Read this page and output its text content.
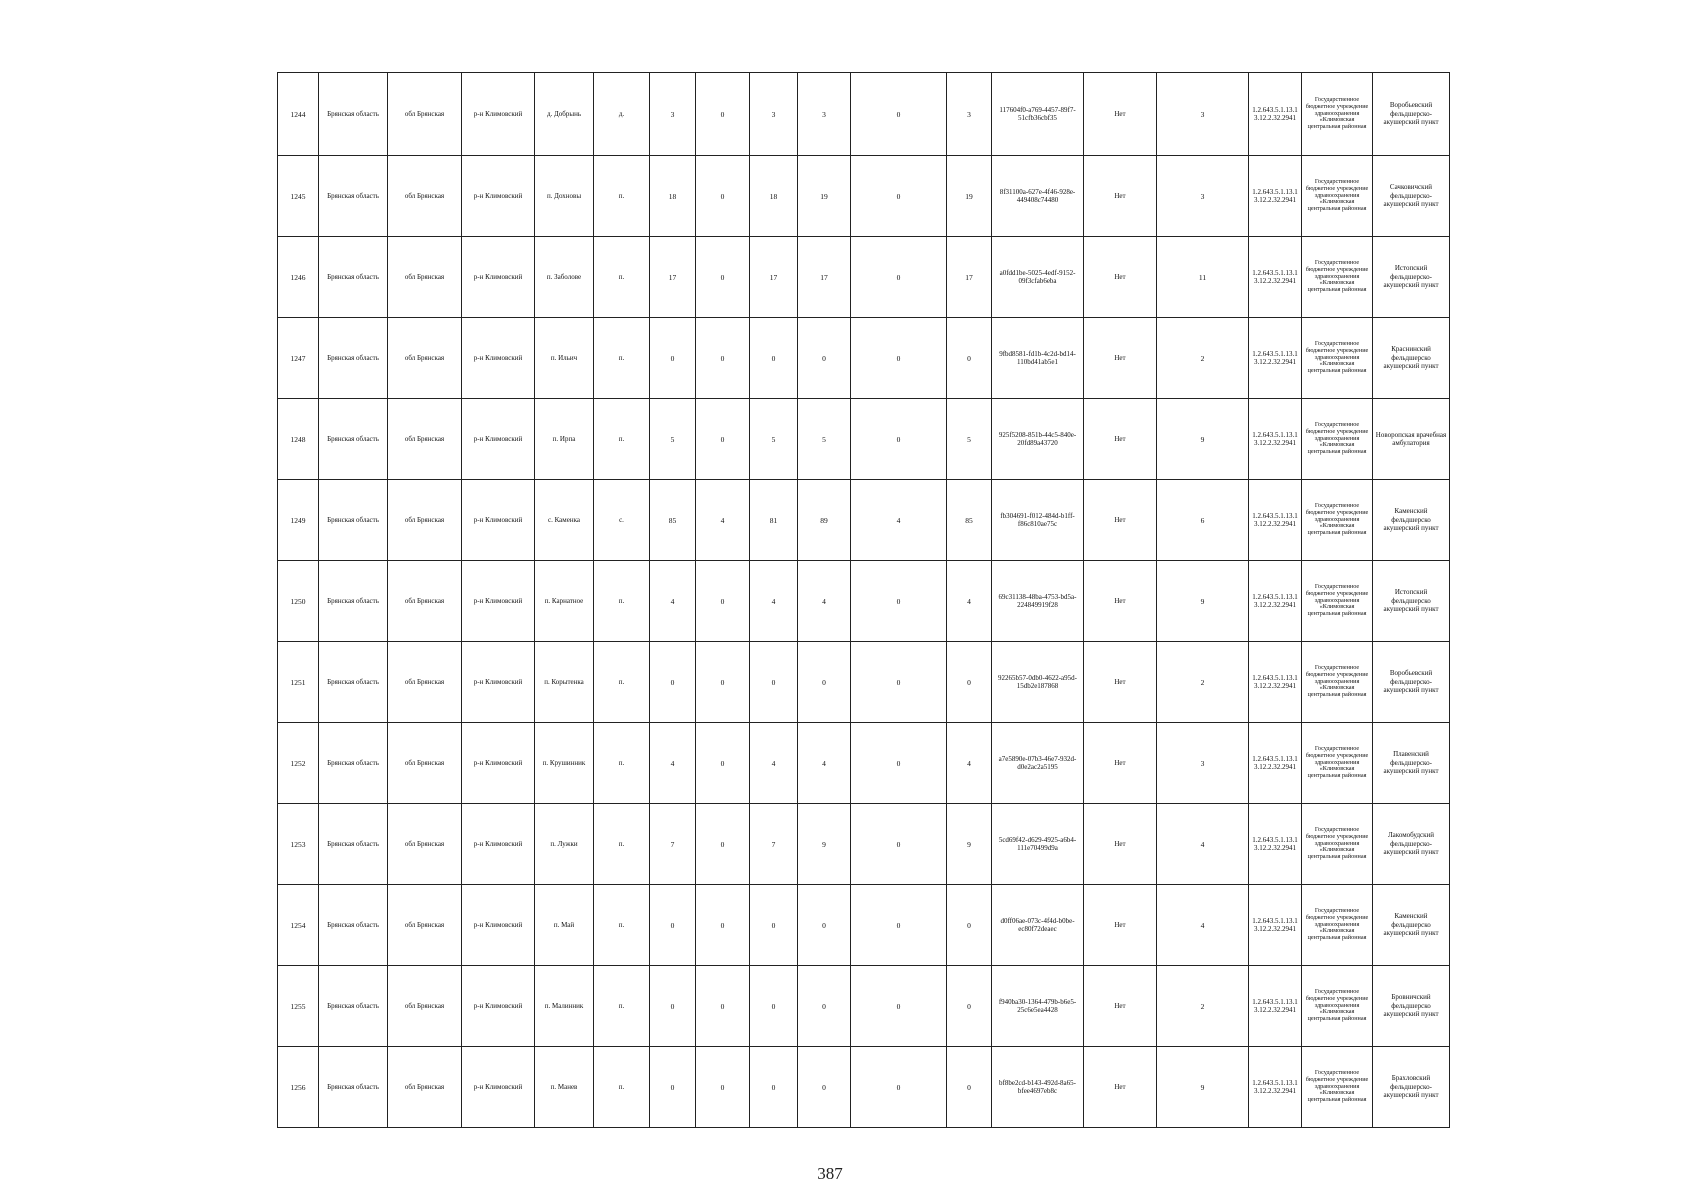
1244	Брянская область	обл Брянская	р-н Климовский	д. Добрынь	д.	3	0	3	3	0	3	117604f0-a769-4457-89f7-51cfb36cbf35	Нет	3	1.2.643.5.1.13.13.12.2.32.2941	Государственное бюджетное учреждение здравоохранения «Климовская центральная районная	Воробьевский фельдшерско-акушерский пункт
1245	Брянская область	обл Брянская	р-н Климовский	п. Дохновы	п.	18	0	18	19	0	19	8f31100a-627e-4f46-928e-449408c74480	Нет	3	1.2.643.5.1.13.13.12.2.32.2941	Государственное бюджетное учреждение здравоохранения «Климовская центральная районная	Сачковичский фельдшерско-акушерский пункт
1246	Брянская область	обл Брянская	р-н Климовский	п. Заболове	п.	17	0	17	17	0	17	a0fdd1be-5025-4edf-9152-09f3cfab6eba	Нет	11	1.2.643.5.1.13.13.12.2.32.2941	Государственное бюджетное учреждение здравоохранения «Климовская центральная районная	Истопский фельдшерско-акушерский пункт
1247	Брянская область	обл Брянская	р-н Климовский	п. Ильич	п.	0	0	0	0	0	0	9fbd8581-fd1b-4c2d-bd14-110bd41ab5e1	Нет	2	1.2.643.5.1.13.13.12.2.32.2941	Государственное бюджетное учреждение здравоохранения «Климовская центральная районная	Краснинский фельдшерско акушерский пункт
1248	Брянская область	обл Брянская	р-н Климовский	п. Ирпа	п.	5	0	5	5	0	5	925f5208-851b-44c5-840e-20fd89a43720	Нет	9	1.2.643.5.1.13.13.12.2.32.2941	Государственное бюджетное учреждение здравоохранения «Климовская центральная районная	Новоропская врачебная амбулатория
1249	Брянская область	обл Брянская	р-н Климовский	с. Каменка	с.	85	4	81	89	4	85	fb304691-f012-484d-b1ff-f86c810ae75c	Нет	6	1.2.643.5.1.13.13.12.2.32.2941	Государственное бюджетное учреждение здравоохранения «Климовская центральная районная	Каменский фельдшерско акушерский пункт
1250	Брянская область	обл Брянская	р-н Климовский	п. Карнатное	п.	4	0	4	4	0	4	69c31138-48ba-4753-bd5a-224849919f28	Нет	9	1.2.643.5.1.13.13.12.2.32.2941	Государственное бюджетное учреждение здравоохранения «Климовская центральная районная	Истопский фельдшерско акушерский пункт
1251	Брянская область	обл Брянская	р-н Климовский	п. Корытенка	п.	0	0	0	0	0	0	92265b57-0db0-4622-a95d-15db2e187868	Нет	2	1.2.643.5.1.13.13.12.2.32.2941	Государственное бюджетное учреждение здравоохранения «Климовская центральная районная	Воробьевский фельдшерско-акушерский пункт
1252	Брянская область	обл Брянская	р-н Климовский	п. Крушинник	п.	4	0	4	4	0	4	a7e5890e-07b3-46e7-932d-d0e2ac2a5195	Нет	3	1.2.643.5.1.13.13.12.2.32.2941	Государственное бюджетное учреждение здравоохранения «Климовская центральная районная	Плавенский фельдшерско-акушерский пункт
1253	Брянская область	обл Брянская	р-н Климовский	п. Лужки	п.	7	0	7	9	0	9	5cd69f42-d629-4925-a6b4-111e70499d9a	Нет	4	1.2.643.5.1.13.13.12.2.32.2941	Государственное бюджетное учреждение здравоохранения «Климовская центральная районная	Лакомобудский фельдшерско-акушерский пункт
1254	Брянская область	обл Брянская	р-н Климовский	п. Май	п.	0	0	0	0	0	0	d0ff06ae-073c-4f4d-b0be-ec80f72deaec	Нет	4	1.2.643.5.1.13.13.12.2.32.2941	Государственное бюджетное учреждение здравоохранения «Климовская центральная районная	Каменский фельдшерско акушерский пункт
1255	Брянская область	обл Брянская	р-н Климовский	п. Малинник	п.	0	0	0	0	0	0	f940ba30-1364-479b-b6e5-25c6e5ea4428	Нет	2	1.2.643.5.1.13.13.12.2.32.2941	Государственное бюджетное учреждение здравоохранения «Климовская центральная районная	Бровничский фельдшерско акушерский пункт
1256	Брянская область	обл Брянская	р-н Климовский	п. Манев	п.	0	0	0	0	0	0	bf8be2cd-b143-492d-8a65-bfee4697eb8c	Нет	9	1.2.643.5.1.13.13.12.2.32.2941	Государственное бюджетное учреждение здравоохранения «Климовская центральная районная	Брахловский фельдшерско-акушерский пункт
387
